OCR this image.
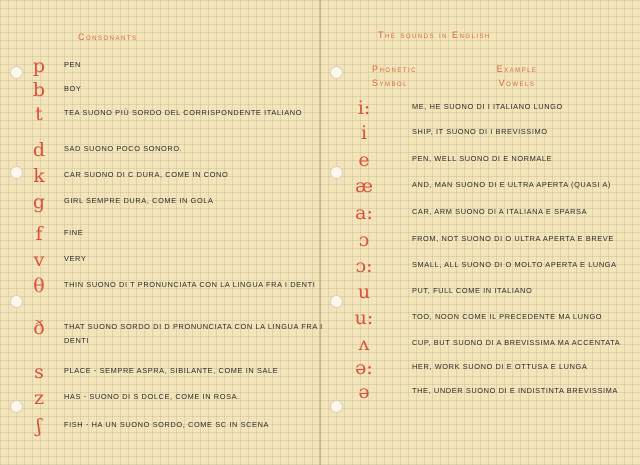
Consonants
p	PEN
b	BOY
t	TEA SUONO PIÙ SORDO DEL CORRISPONDENTE ITALIANO
d	SAD SUONO POCO SONORO.
k	CAR SUONO DI C DURA, COME IN CONO
g	GIRL SEMPRE DURA, COME IN GOLA
f	FINE
v	VERY
θ	THIN SUONO DI T PRONUNCIATA CON LA LINGUA FRA I DENTI
ð	THAT SUONO SORDO DI D PRONUNCIATA CON LA LINGUA FRA I DENTI
s	PLACE - SEMPRE ASPRA, SIBILANTE, COME IN SALE
z	HAS - SUONO DI S DOLCE, COME IN ROSA.
ʃ	FISH - HA UN SUONO SORDO, COME SC IN SCENA
The sounds in English
Phonetic Symbol
Example Vowels
i:	ME, HE SUONO DI I ITALIANO LUNGO
i	SHIP, IT SUONO DI I BREVISSIMO
e	PEN, WELL SUONO DI E NORMALE
æ	AND, MAN SUONO DI E ULTRA APERTA (QUASI A)
a:	CAR, ARM SUONO DI A ITALIANA E SPARSA
ɔ	FROM, NOT SUONO DI O ULTRA APERTA E BREVE
ɔ:	SMALL, ALL SUONO DI O MOLTO APERTA E LUNGA
u	PUT, FULL COME IN ITALIANO
u:	TOO, NOON COME IL PRECEDENTE MA LUNGO
ʌ	CUP, BUT SUONO DI A BREVISSIMA MA ACCENTATA
ə:	HER, WORK SUONO DI E OTTUSA E LUNGA
ə	THE, UNDER SUONO DI E INDISTINTA BREVISSIMA
